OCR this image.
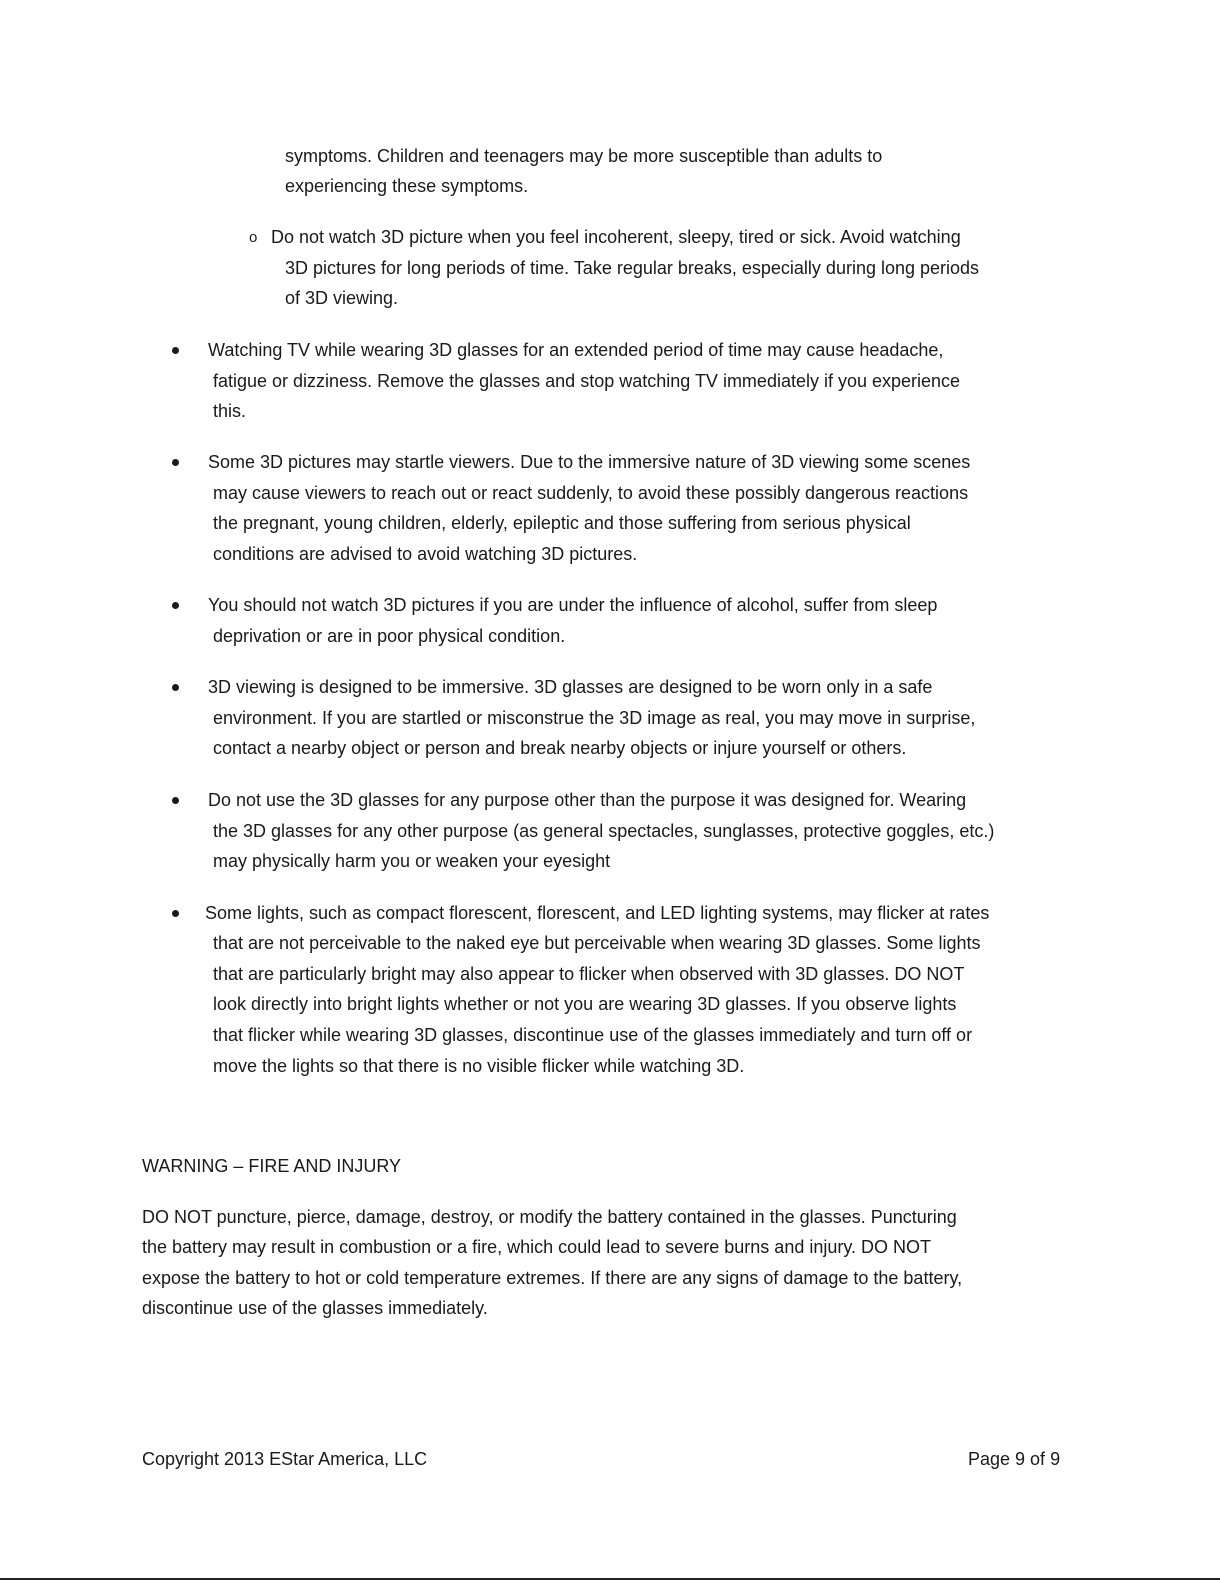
symptoms. Children and teenagers may be more susceptible than adults to
experiencing these symptoms.
o Do not watch 3D picture when you feel incoherent, sleepy, tired or sick. Avoid watching
3D pictures for long periods of time. Take regular breaks, especially during long periods
of 3D viewing.
Watching TV while wearing 3D glasses for an extended period of time may cause headache,
fatigue or dizziness. Remove the glasses and stop watching TV immediately if you experience
this.
Some 3D pictures may startle viewers. Due to the immersive nature of 3D viewing some scenes
may cause viewers to reach out or react suddenly, to avoid these possibly dangerous reactions
the pregnant, young children, elderly, epileptic and those suffering from serious physical
conditions are advised to avoid watching 3D pictures.
You should not watch 3D pictures if you are under the influence of alcohol, suffer from sleep
deprivation or are in poor physical condition.
3D viewing is designed to be immersive. 3D glasses are designed to be worn only in a safe
environment. If you are startled or misconstrue the 3D image as real, you may move in surprise,
contact a nearby object or person and break nearby objects or injure yourself or others.
Do not use the 3D glasses for any purpose other than the purpose it was designed for. Wearing
the 3D glasses for any other purpose (as general spectacles, sunglasses, protective goggles, etc.)
may physically harm you or weaken your eyesight
Some lights, such as compact florescent, florescent, and LED lighting systems, may flicker at rates
that are not perceivable to the naked eye but perceivable when wearing 3D glasses. Some lights
that are particularly bright may also appear to flicker when observed with 3D glasses. DO NOT
look directly into bright lights whether or not you are wearing 3D glasses. If you observe lights
that flicker while wearing 3D glasses, discontinue use of the glasses immediately and turn off or
move the lights so that there is no visible flicker while watching 3D.
WARNING – FIRE AND INJURY
DO NOT puncture, pierce, damage, destroy, or modify the battery contained in the glasses. Puncturing
the battery may result in combustion or a fire, which could lead to severe burns and injury. DO NOT
expose the battery to hot or cold temperature extremes. If there are any signs of damage to the battery,
discontinue use of the glasses immediately.
Copyright 2013 EStar America, LLC	Page 9 of 9
